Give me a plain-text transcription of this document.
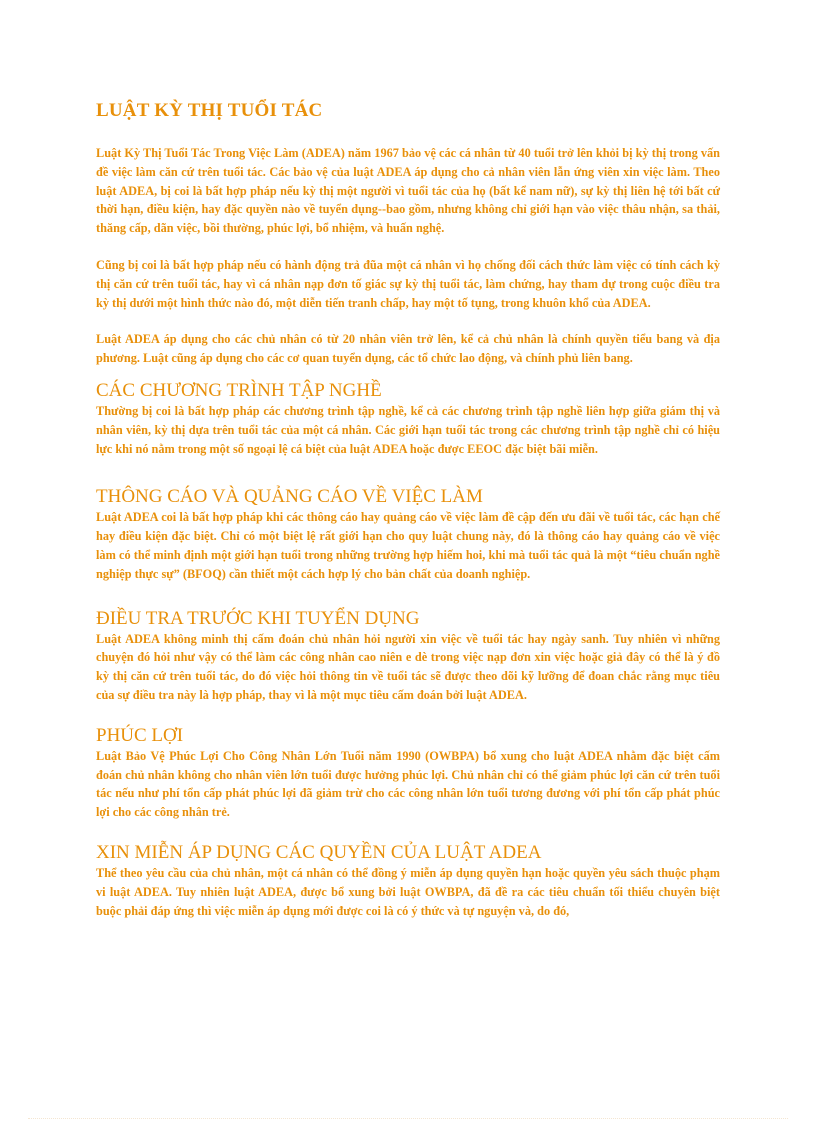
LUẬT KỲ THỊ TUỔI TÁC

Luật Kỳ Thị Tuổi Tác Trong Việc Làm (ADEA) năm 1967 bảo vệ các cá nhân từ 40 tuổi trở lên khỏi bị kỳ thị trong vấn đề việc làm căn cứ trên tuổi tác. Các bảo vệ của luật ADEA áp dụng cho cả nhân viên lẫn ứng viên xin việc làm. Theo luật ADEA, bị coi là bất hợp pháp nếu kỳ thị một người vì tuổi tác của họ (bất kể nam nữ), sự kỳ thị liên hệ tới bất cứ thời hạn, điều kiện, hay đặc quyền nào về tuyển dụng--bao gồm, nhưng không chỉ giới hạn vào việc thâu nhận, sa thải, thăng cấp, dãn việc, bồi thường, phúc lợi, bổ nhiệm, và huấn nghệ.

Cũng bị coi là bất hợp pháp nếu có hành động trả đũa một cá nhân vì họ chống đối cách thức làm việc có tính cách kỳ thị căn cứ trên tuổi tác, hay vì cá nhân nạp đơn tố giác sự kỳ thị tuổi tác, làm chứng, hay tham dự trong cuộc điều tra kỳ thị dưới một hình thức nào đó, một diễn tiến tranh chấp, hay một tố tụng, trong khuôn khổ của ADEA.

Luật ADEA áp dụng cho các chủ nhân có từ 20 nhân viên trở lên, kể cả chủ nhân là chính quyền tiểu bang và địa phương. Luật cũng áp dụng cho các cơ quan tuyển dụng, các tổ chức lao động, và chính phủ liên bang.

CÁC CHƯƠNG TRÌNH TẬP NGHỀ

Thường bị coi là bất hợp pháp các chương trình tập nghề, kể cả các chương trình tập nghề liên hợp giữa giám thị và nhân viên, kỳ thị dựa trên tuổi tác của một cá nhân. Các giới hạn tuổi tác trong các chương trình tập nghề chỉ có hiệu lực khi nó nằm trong một số ngoại lệ cá biệt của luật ADEA hoặc được EEOC đặc biệt bãi miễn.

THÔNG CÁO VÀ QUẢNG CÁO VỀ VIỆC LÀM

Luật ADEA coi là bất hợp pháp khi các thông cáo hay quảng cáo về việc làm đề cập đến ưu đãi về tuổi tác, các hạn chế hay điều kiện đặc biệt. Chỉ có một biệt lệ rất giới hạn cho quy luật chung này, đó là thông cáo hay quảng cáo về việc làm có thể minh định một giới hạn tuổi trong những trường hợp hiếm hoi, khi mà tuổi tác quả là một “tiêu chuẩn nghề nghiệp thực sự” (BFOQ) cần thiết một cách hợp lý cho bản chất của doanh nghiệp.

ĐIỀU TRA TRƯỚC KHI TUYỂN DỤNG

Luật ADEA không minh thị cấm đoán chủ nhân hỏi người xin việc về tuổi tác hay ngày sanh. Tuy nhiên vì những chuyện đó hỏi như vậy có thể làm các công nhân cao niên e dè trong việc nạp đơn xin việc hoặc giả đây có thể là ý đồ kỳ thị căn cứ trên tuổi tác, do đó việc hỏi thông tin về tuổi tác sẽ được theo dõi kỹ lưỡng để đoan chắc rằng mục tiêu của sự điều tra này là hợp pháp, thay vì là một mục tiêu cấm đoán bởi luật ADEA.

PHÚC LỢI

Luật Bảo Vệ Phúc Lợi Cho Công Nhân Lớn Tuổi năm 1990 (OWBPA) bổ xung cho luật ADEA nhằm đặc biệt cấm đoán chủ nhân không cho nhân viên lớn tuổi được hưởng phúc lợi. Chủ nhân chỉ có thể giảm phúc lợi căn cứ trên tuổi tác nếu như phí tổn cấp phát phúc lợi đã giảm trừ cho các công nhân lớn tuổi tương đương với phí tổn cấp phát phúc lợi cho các công nhân trẻ.

XIN MIỄN ÁP DỤNG CÁC QUYỀN CỦA LUẬT ADEA

Thể theo yêu cầu của chủ nhân, một cá nhân có thể đồng ý miễn áp dụng quyền hạn hoặc quyền yêu sách thuộc phạm vi luật ADEA. Tuy nhiên luật ADEA, được bổ xung bởi luật OWBPA, đã đề ra các tiêu chuẩn tối thiểu chuyên biệt buộc phải đáp ứng thì việc miễn áp dụng mới được coi là có ý thức và tự nguyện và, do đó,
